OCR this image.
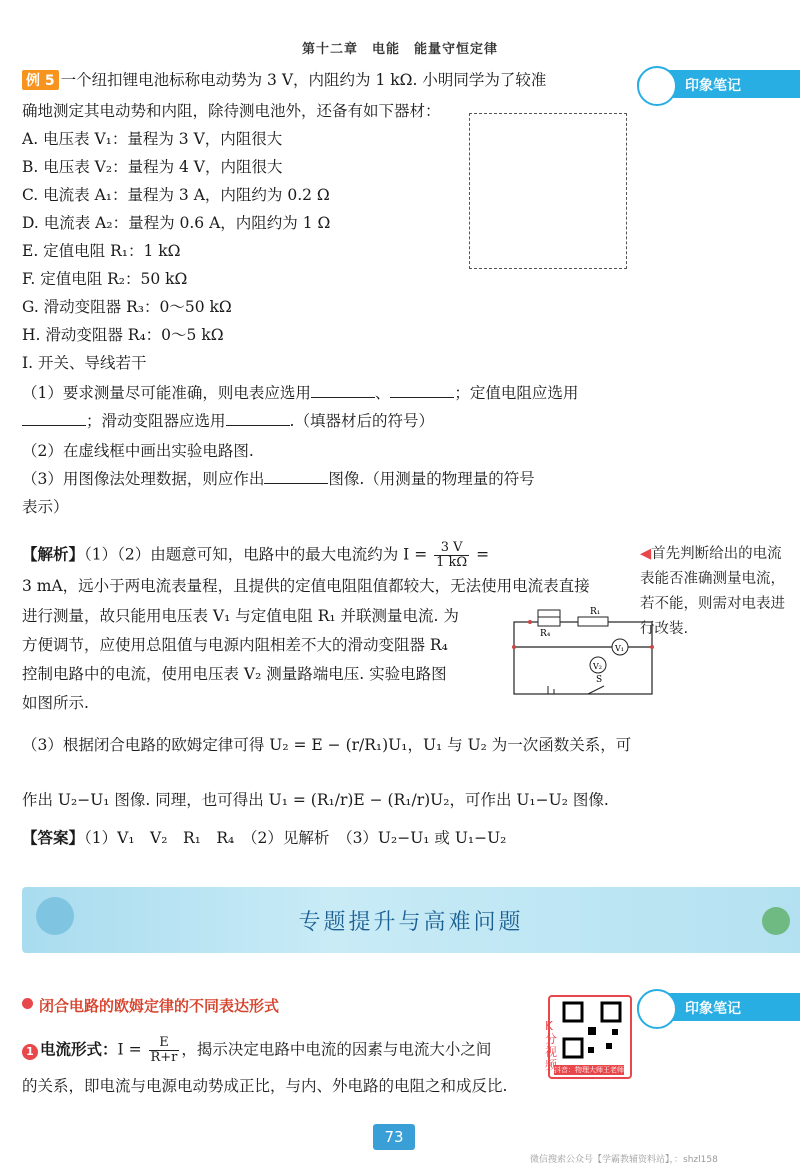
第十二章　电能　能量守恒定律
印象笔记
例 5 一个纽扣锂电池标称电动势为 3 V，内阻约为 1 kΩ. 小明同学为了较准
确地测定其电动势和内阻，除待测电池外，还备有如下器材：
A. 电压表 V₁：量程为 3 V，内阻很大
B. 电压表 V₂：量程为 4 V，内阻很大
C. 电流表 A₁：量程为 3 A，内阻约为 0.2 Ω
D. 电流表 A₂：量程为 0.6 A，内阻约为 1 Ω
E. 定值电阻 R₁：1 kΩ
F. 定值电阻 R₂：50 kΩ
G. 滑动变阻器 R₃：0～50 kΩ
H. 滑动变阻器 R₄：0～5 kΩ
I. 开关、导线若干
（1）要求测量尽可能准确，则电表应选用	、	；定值电阻应选用
；滑动变阻器应选用	.（填器材后的符号）
（2）在虚线框中画出实验电路图.
（3）用图像法处理数据，则应作出	图像.（用测量的物理量的符号
表示）
【解析】（1）（2）由题意可知，电路中的最大电流约为 $I = \frac{3 V}{1 k\Omega}$ =
3 mA，远小于两电流表量程，且提供的定值电阻阻值都较大，无法使用电流表直接
进行测量，故只能用电压表 V₁ 与定值电阻 R₁ 并联测量电流. 为
方便调节，应使用总阻值与电源内阻相差不大的滑动变阻器 R₄
控制电路中的电流，使用电压表 V₂ 测量路端电压. 实验电路图
如图所示.
R₁
R₄
V₁
V₂
S
（3）根据闭合电路的欧姆定律可得 U₂ = E − (r/R₁)U₁，U₁ 与 U₂ 为一次函数关系，可
作出 U₂−U₁ 图像. 同理，也可得出 U₁ = (R₁/r)E − (R₁/r)U₂，可作出 U₁−U₂ 图像.
【答案】（1）V₁　V₂　R₁　R₄　（2）见解析　（3）U₂−U₁ 或 U₁−U₂
◀首先判断给出的电流表能否准确测量电流，若不能，则需对电表进行改装.
专题提升与高难问题
印象笔记
闭合电路的欧姆定律的不同表达形式
1 电流形式：$I = \frac{E}{R+r}$ ，揭示决定电路中电流的因素与电流大小之间
的关系，即电流与电源电动势成正比，与内、外电路的电阻之和成反比.
抖音：物理大师王老师
K分视频
73
微信搜索公众号【学霸教辅资料站】，：shzl158
